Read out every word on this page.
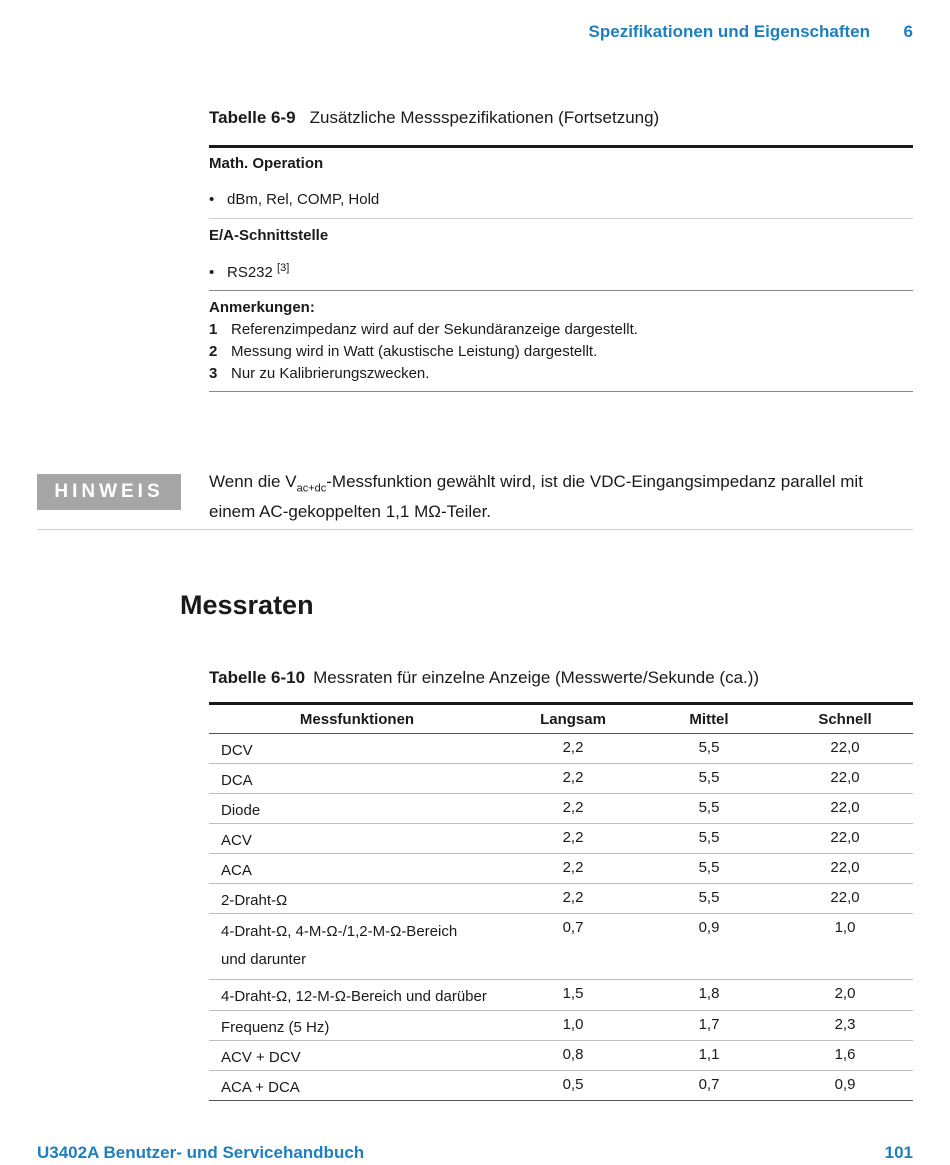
Spezifikationen und Eigenschaften 6
Tabelle 6-9 Zusätzliche Messspezifikationen (Fortsetzung)
Math. Operation
• dBm, Rel, COMP, Hold
E/A-Schnittstelle
• RS232 [3]
Anmerkungen:
1 Referenzimpedanz wird auf der Sekundäranzeige dargestellt.
2 Messung wird in Watt (akustische Leistung) dargestellt.
3 Nur zu Kalibrierungszwecken.
HINWEIS	Wenn die $V_{ac+dc}$-Messfunktion gewählt wird, ist die VDC-Eingangsimpedanz parallel mit einem AC-gekoppelten 1,1 MΩ-Teiler.
Messraten
Tabelle 6-10 Messraten für einzelne Anzeige (Messwerte/Sekunde (ca.))
Messfunktionen	Langsam	Mittel	Schnell
DCV	2,2	5,5	22,0
DCA	2,2	5,5	22,0
Diode	2,2	5,5	22,0
ACV	2,2	5,5	22,0
ACA	2,2	5,5	22,0
2-Draht-Ω	2,2	5,5	22,0
4-Draht-Ω, 4-M-Ω-/1,2-M-Ω-Bereich und darunter	0,7	0,9	1,0
4-Draht-Ω, 12-M-Ω-Bereich und darüber	1,5	1,8	2,0
Frequenz (5 Hz)	1,0	1,7	2,3
ACV + DCV	0,8	1,1	1,6
ACA + DCA	0,5	0,7	0,9
U3402A Benutzer- und Servicehandbuch	101
